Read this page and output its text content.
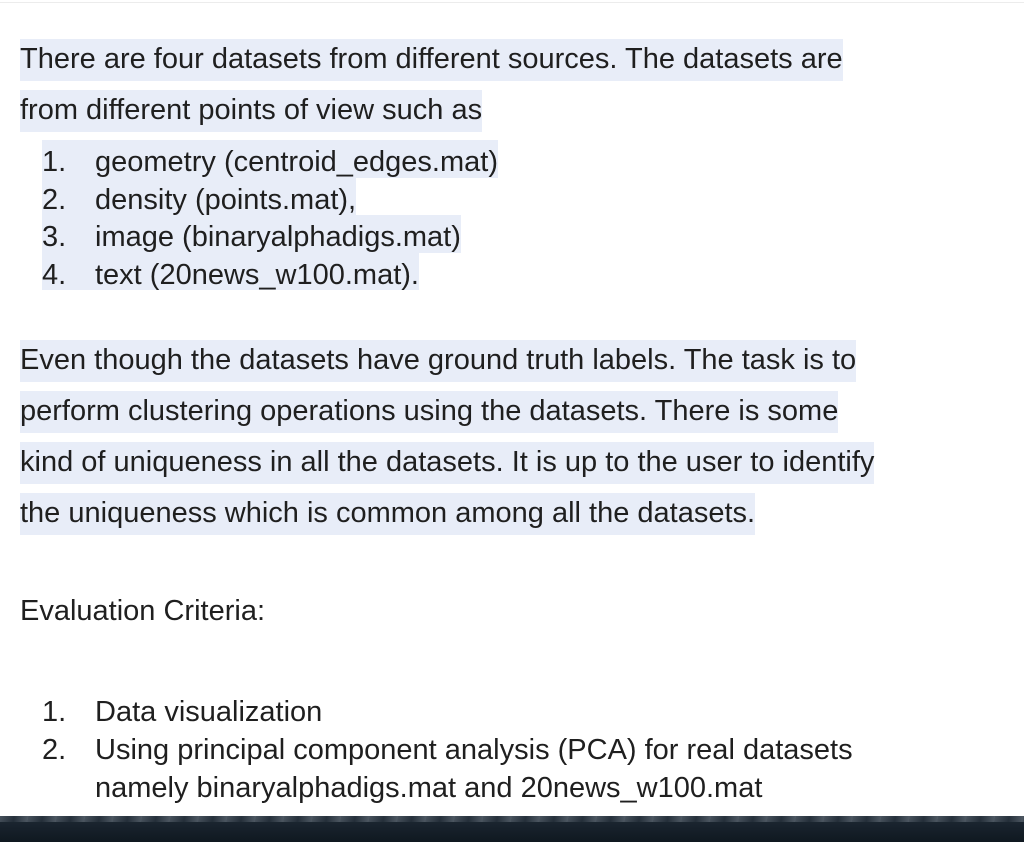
There are four datasets from different sources. The datasets are
from different points of view such as

1. geometry (centroid_edges.mat)
2. density (points.mat),
3. image (binaryalphadigs.mat)
4. text (20news_w100.mat).

Even though the datasets have ground truth labels. The task is to
perform clustering operations using the datasets. There is some
kind of uniqueness in all the datasets. It is up to the user to identify
the uniqueness which is common among all the datasets.

Evaluation Criteria:

1. Data visualization
2. Using principal component analysis (PCA) for real datasets
namely binaryalphadigs.mat and 20news_w100.mat
